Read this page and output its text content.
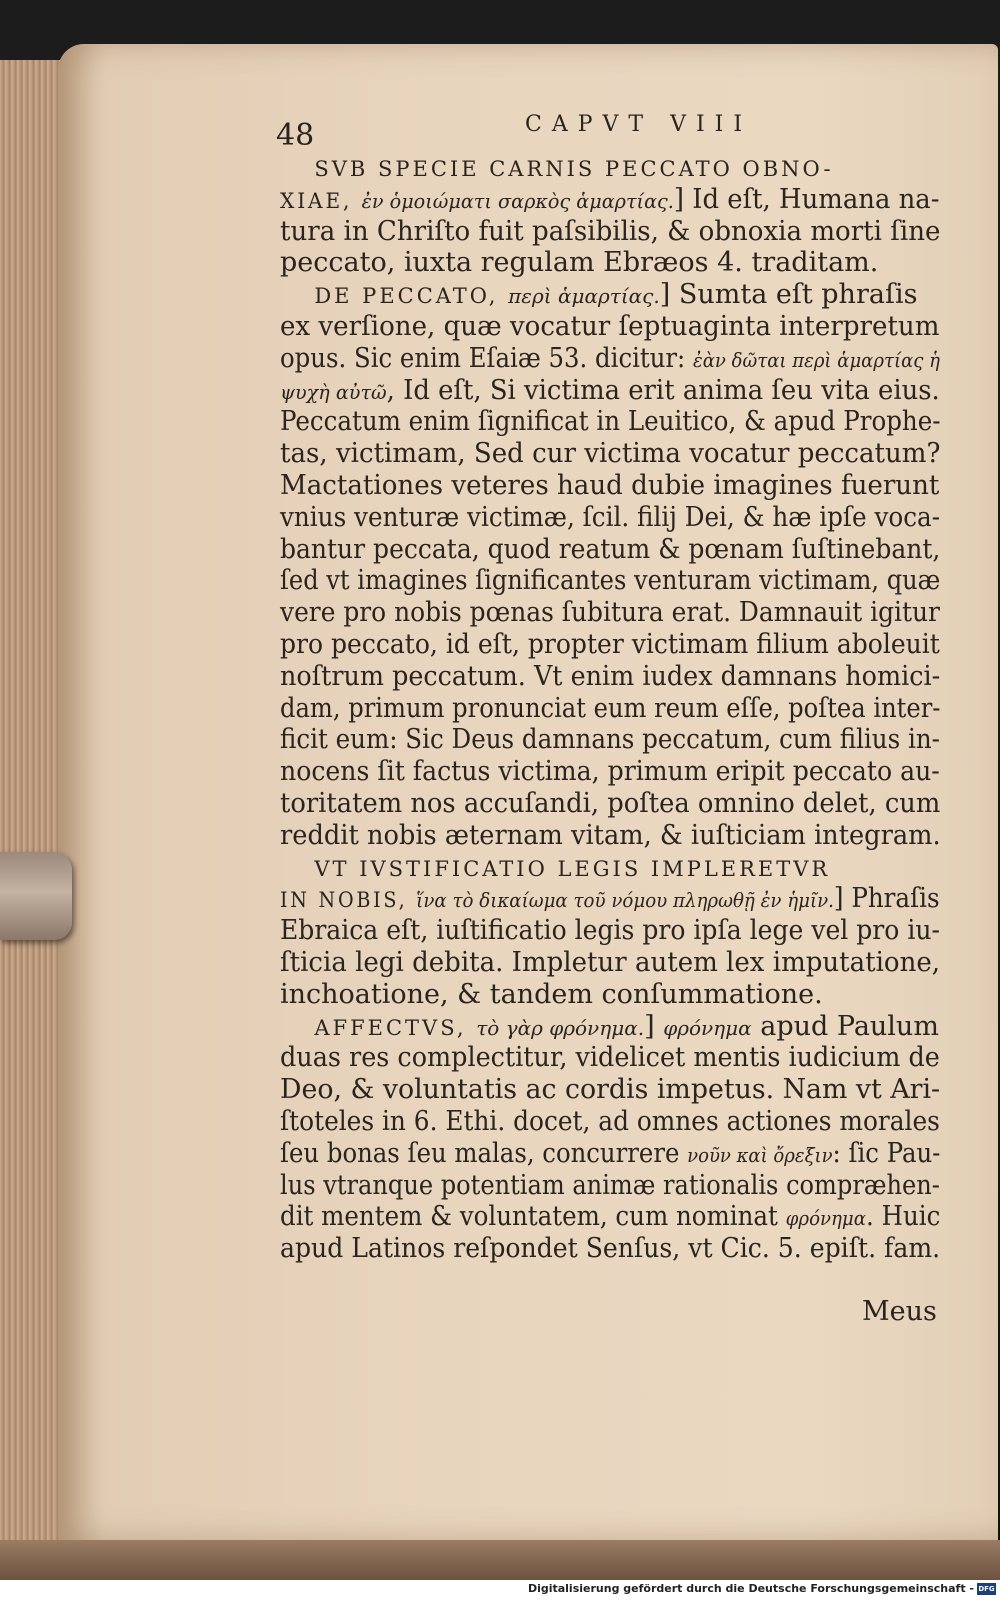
48	CAPVT VIII
SVB SPECIE CARNIS PECCATO OBNO-
XIAE, ἐν ὁμοιώματι σαρκὸς ἁμαρτίας.] Id eſt, Humana na-
tura in Chriſto fuit paſsibilis, & obnoxia morti ſine
peccato, iuxta regulam Ebræos 4. traditam.
DE PECCATO, περὶ ἁμαρτίας.] Sumta eſt phraſis
ex verſione, quæ vocatur ſeptuaginta interpretum
opus. Sic enim Eſaiæ 53. dicitur: ἐὰν δῶται περὶ ἁμαρτίας ἡ
ψυχὴ αὐτῶ, Id eſt, Si victima erit anima ſeu vita eius.
Peccatum enim ſignificat in Leuitico, & apud Prophe-
tas, victimam, Sed cur victima vocatur peccatum?
Mactationes veteres haud dubie imagines fuerunt
vnius venturæ victimæ, ſcil. filij Dei, & hæ ipſe voca-
bantur peccata, quod reatum & pœnam ſuſtinebant,
ſed vt imagines ſignificantes venturam victimam, quæ
vere pro nobis pœnas ſubitura erat. Damnauit igitur
pro peccato, id eſt, propter victimam filium aboleuit
noſtrum peccatum. Vt enim iudex damnans homici-
dam, primum pronunciat eum reum eſſe, poſtea inter-
ficit eum: Sic Deus damnans peccatum, cum filius in-
nocens ſit factus victima, primum eripit peccato au-
toritatem nos accuſandi, poſtea omnino delet, cum
reddit nobis æternam vitam, & iuſticiam integram.
VT IVSTIFICATIO LEGIS IMPLERETVR
IN NOBIS, ἵνα τὸ δικαίωμα τοῦ νόμου πληρωθῇ ἐν ἡμῖν.] Phraſis
Ebraica eſt, iuſtificatio legis pro ipſa lege vel pro iu-
ſticia legi debita. Impletur autem lex imputatione,
inchoatione, & tandem conſummatione.
AFFECTVS, τὸ γὰρ φρόνημα.] φρόνημα apud Paulum
duas res complectitur, videlicet mentis iudicium de
Deo, & voluntatis ac cordis impetus. Nam vt Ari-
ſtoteles in 6. Ethi. docet, ad omnes actiones morales
ſeu bonas ſeu malas, concurrere νοῦν καὶ ὄρεξιν: ſic Pau-
lus vtranque potentiam animæ rationalis compræhen-
dit mentem & voluntatem, cum nominat φρόνημα. Huic
apud Latinos reſpondet Senſus, vt Cic. 5. epiſt. fam.
Meus
Digitalisierung gefördert durch die Deutsche Forschungsgemeinschaft - DFG
